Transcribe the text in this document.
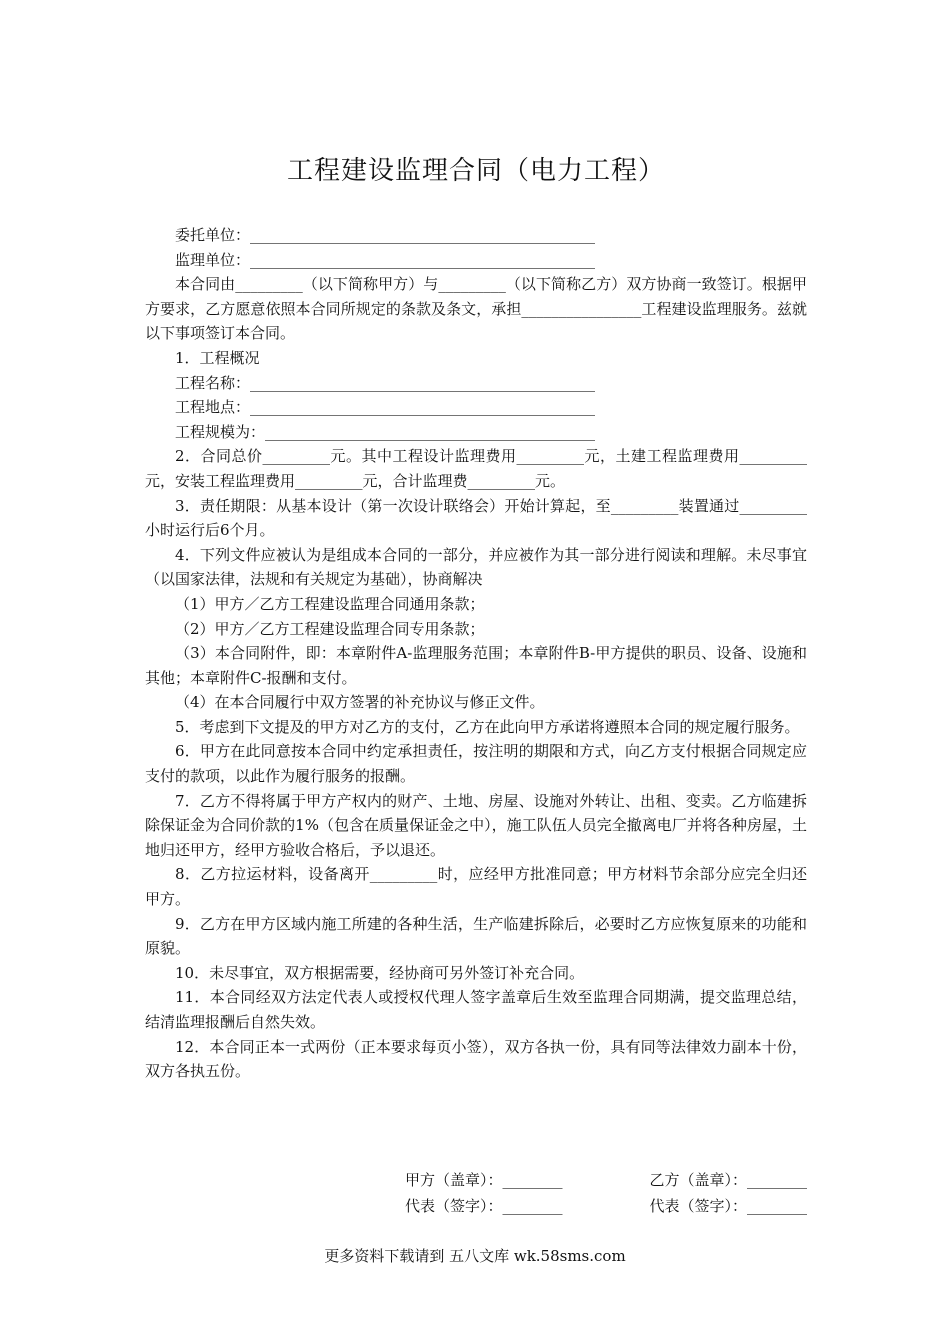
工程建设监理合同（电力工程）

委托单位：______________________________________________

监理单位：______________________________________________

本合同由_________（以下简称甲方）与_________（以下简称乙方）双方协商一致签订。根据甲方要求，乙方愿意依照本合同所规定的条款及条文，承担________________工程建设监理服务。兹就以下事项签订本合同。

1．工程概况

工程名称：______________________________________________

工程地点：______________________________________________

工程规模为：____________________________________________

2．合同总价_________元。其中工程设计监理费用_________元，土建工程监理费用_________元，安装工程监理费用_________元，合计监理费_________元。

3．责任期限：从基本设计（第一次设计联络会）开始计算起，至_________装置通过_________小时运行后6个月。

4．下列文件应被认为是组成本合同的一部分，并应被作为其一部分进行阅读和理解。未尽事宜（以国家法律，法规和有关规定为基础），协商解决

（1）甲方／乙方工程建设监理合同通用条款；

（2）甲方／乙方工程建设监理合同专用条款；

（3）本合同附件，即：本章附件A-监理服务范围；本章附件B-甲方提供的职员、设备、设施和其他；本章附件C-报酬和支付。

（4）在本合同履行中双方签署的补充协议与修正文件。

5．考虑到下文提及的甲方对乙方的支付，乙方在此向甲方承诺将遵照本合同的规定履行服务。

6．甲方在此同意按本合同中约定承担责任，按注明的期限和方式，向乙方支付根据合同规定应支付的款项，以此作为履行服务的报酬。

7．乙方不得将属于甲方产权内的财产、土地、房屋、设施对外转让、出租、变卖。乙方临建拆除保证金为合同价款的1%（包含在质量保证金之中），施工队伍人员完全撤离电厂并将各种房屋，土地归还甲方，经甲方验收合格后，予以退还。

8．乙方拉运材料，设备离开_________时，应经甲方批准同意；甲方材料节余部分应完全归还甲方。

9．乙方在甲方区域内施工所建的各种生活，生产临建拆除后，必要时乙方应恢复原来的功能和原貌。

10．未尽事宜，双方根据需要，经协商可另外签订补充合同。

11．本合同经双方法定代表人或授权代理人签字盖章后生效至监理合同期满，提交监理总结，结清监理报酬后自然失效。

12．本合同正本一式两份（正本要求每页小签），双方各执一份，具有同等法律效力副本十份，双方各执五份。

甲方（盖章）：________	乙方（盖章）：________
代表（签字）：________	代表（签字）：________
更多资料下载请到 五八文库 wk.58sms.com
